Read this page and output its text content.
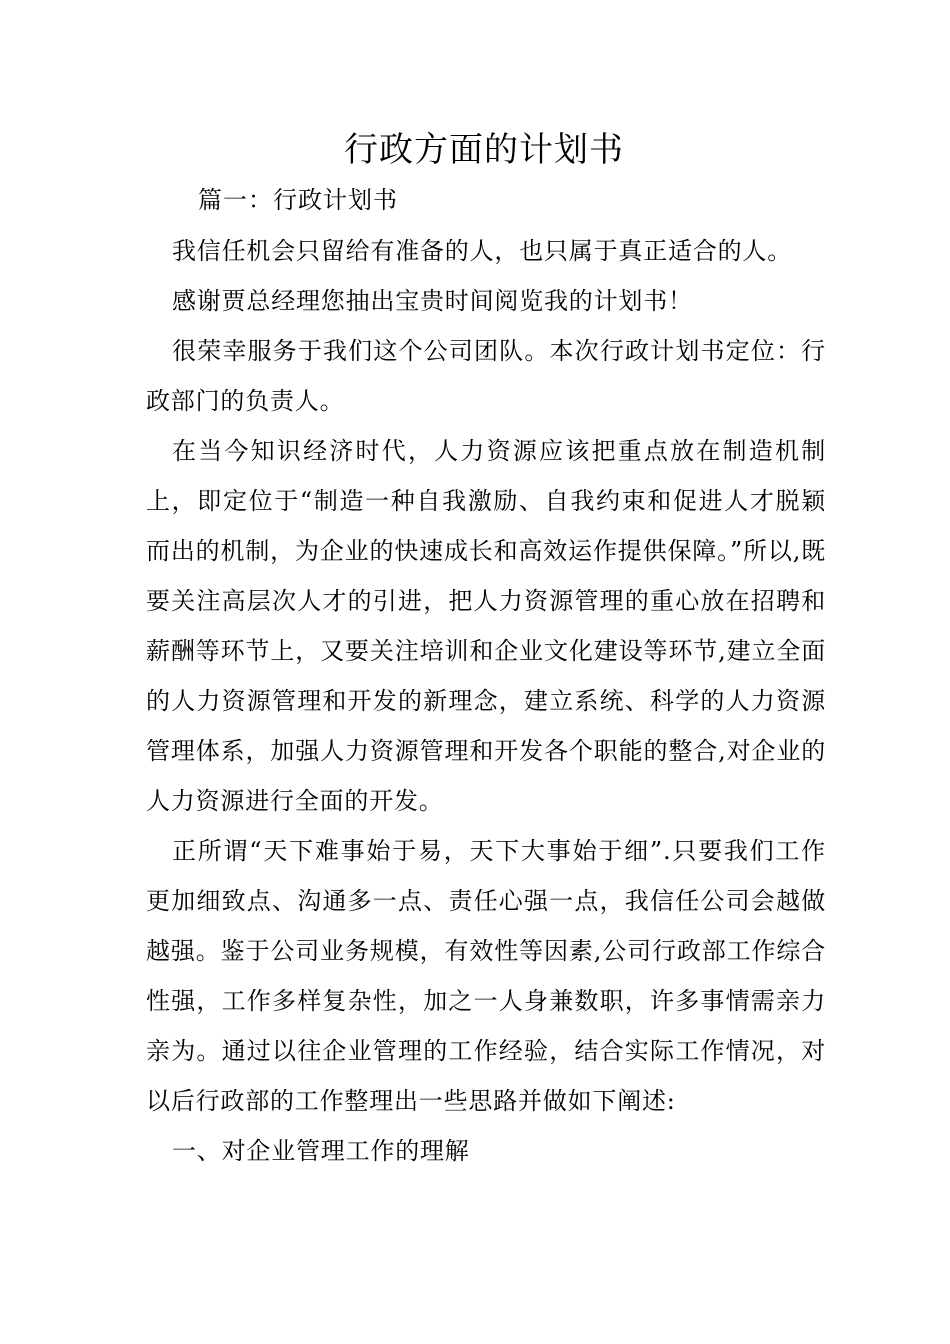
行政方面的计划书
篇一：行政计划书

我信任机会只留给有准备的人，也只属于真正适合的人。

感谢贾总经理您抽出宝贵时间阅览我的计划书！

很荣幸服务于我们这个公司团队。本次行政计划书定位：行政部门的负责人。

在当今知识经济时代，人力资源应该把重点放在制造机制上，即定位于“制造一种自我激励、自我约束和促进人才脱颖而出的机制，为企业的快速成长和高效运作提供保障。”所以,既要关注高层次人才的引进，把人力资源管理的重心放在招聘和薪酬等环节上，又要关注培训和企业文化建设等环节,建立全面的人力资源管理和开发的新理念，建立系统、科学的人力资源管理体系，加强人力资源管理和开发各个职能的整合,对企业的人力资源进行全面的开发。

正所谓“天下难事始于易，天下大事始于细”.只要我们工作更加细致点、沟通多一点、责任心强一点，我信任公司会越做越强。鉴于公司业务规模，有效性等因素,公司行政部工作综合性强，工作多样复杂性，加之一人身兼数职，许多事情需亲力亲为。通过以往企业管理的工作经验，结合实际工作情况，对以后行政部的工作整理出一些思路并做如下阐述:

一、对企业管理工作的理解
